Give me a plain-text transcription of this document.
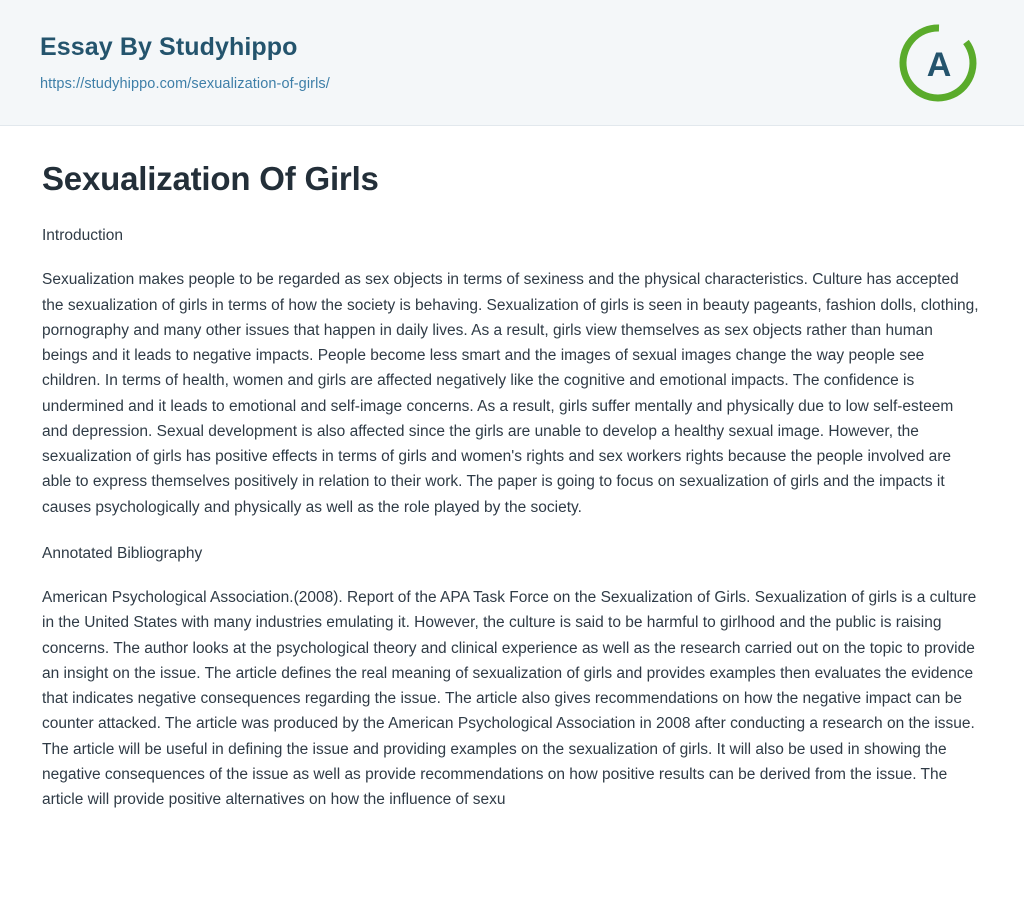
Essay By Studyhippo
https://studyhippo.com/sexualization-of-girls/	A
Sexualization Of Girls

Introduction

Sexualization makes people to be regarded as sex objects in terms of sexiness and the physical characteristics. Culture has accepted the sexualization of girls in terms of how the society is behaving. Sexualization of girls is seen in beauty pageants, fashion dolls, clothing, pornography and many other issues that happen in daily lives. As a result, girls view themselves as sex objects rather than human beings and it leads to negative impacts. People become less smart and the images of sexual images change the way people see children. In terms of health, women and girls are affected negatively like the cognitive and emotional impacts. The confidence is undermined and it leads to emotional and self-image concerns. As a result, girls suffer mentally and physically due to low self-esteem and depression. Sexual development is also affected since the girls are unable to develop a healthy sexual image. However, the sexualization of girls has positive effects in terms of girls and women's rights and sex workers rights because the people involved are able to express themselves positively in relation to their work. The paper is going to focus on sexualization of girls and the impacts it causes psychologically and physically as well as the role played by the society.

Annotated Bibliography

American Psychological Association.(2008). Report of the APA Task Force on the Sexualization of Girls. Sexualization of girls is a culture in the United States with many industries emulating it. However, the culture is said to be harmful to girlhood and the public is raising concerns. The author looks at the psychological theory and clinical experience as well as the research carried out on the topic to provide an insight on the issue. The article defines the real meaning of sexualization of girls and provides examples then evaluates the evidence that indicates negative consequences regarding the issue. The article also gives recommendations on how the negative impact can be counter attacked. The article was produced by the American Psychological Association in 2008 after conducting a research on the issue. The article will be useful in defining the issue and providing examples on the sexualization of girls. It will also be used in showing the negative consequences of the issue as well as provide recommendations on how positive results can be derived from the issue. The article will provide positive alternatives on how the influence of sexu
